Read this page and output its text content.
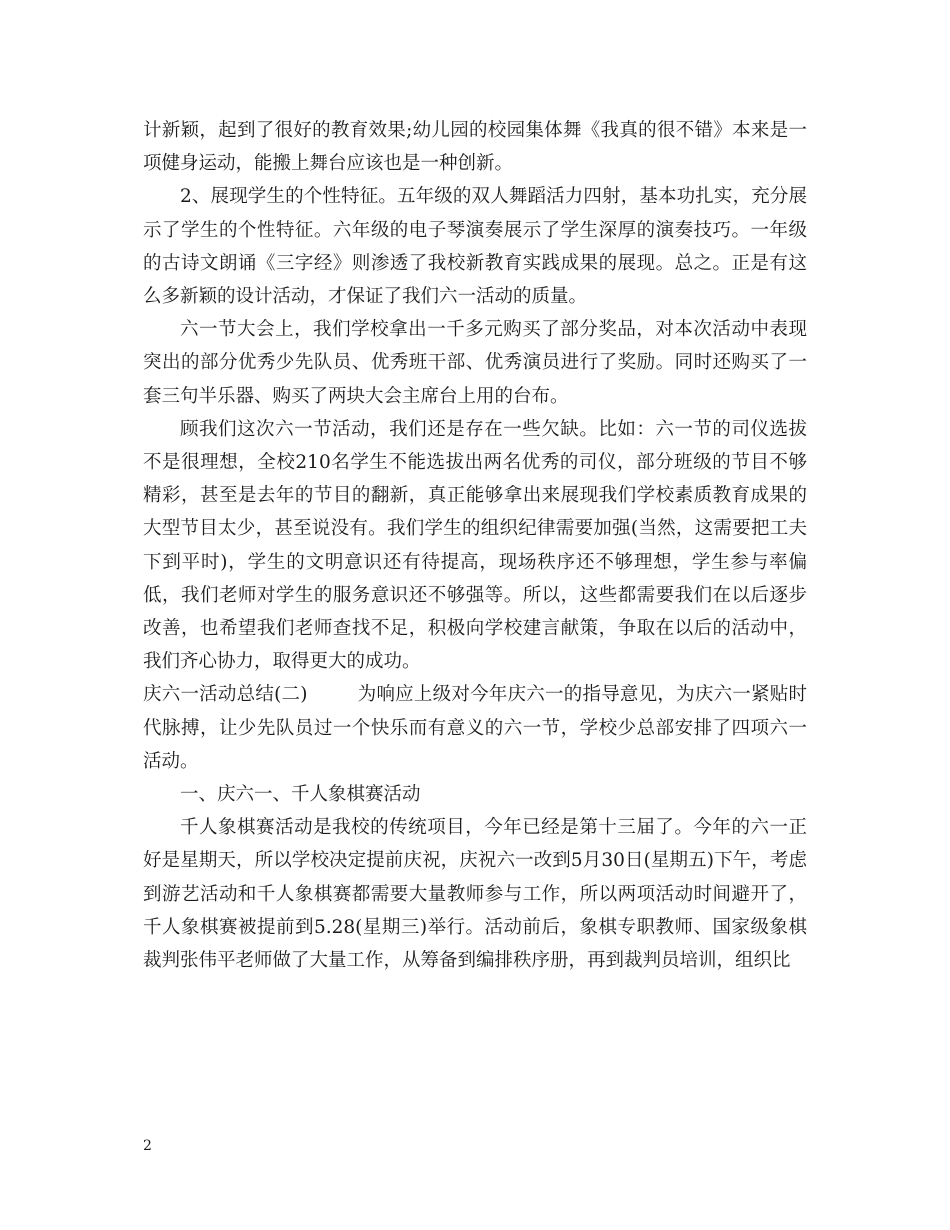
计新颖，起到了很好的教育效果;幼儿园的校园集体舞《我真的很不错》本来是一项健身运动，能搬上舞台应该也是一种创新。

2、展现学生的个性特征。五年级的双人舞蹈活力四射，基本功扎实，充分展示了学生的个性特征。六年级的电子琴演奏展示了学生深厚的演奏技巧。一年级的古诗文朗诵《三字经》则渗透了我校新教育实践成果的展现。总之。正是有这么多新颖的设计活动，才保证了我们六一活动的质量。

六一节大会上，我们学校拿出一千多元购买了部分奖品，对本次活动中表现突出的部分优秀少先队员、优秀班干部、优秀演员进行了奖励。同时还购买了一套三句半乐器、购买了两块大会主席台上用的台布。

顾我们这次六一节活动，我们还是存在一些欠缺。比如：六一节的司仪选拔不是很理想，全校210名学生不能选拔出两名优秀的司仪，部分班级的节目不够精彩，甚至是去年的节目的翻新，真正能够拿出来展现我们学校素质教育成果的大型节目太少，甚至说没有。我们学生的组织纪律需要加强(当然，这需要把工夫下到平时)，学生的文明意识还有待提高，现场秩序还不够理想，学生参与率偏低，我们老师对学生的服务意识还不够强等。所以，这些都需要我们在以后逐步改善，也希望我们老师查找不足，积极向学校建言献策，争取在以后的活动中，我们齐心协力，取得更大的成功。

庆六一活动总结(二)	为响应上级对今年庆六一的指导意见，为庆六一紧贴时代脉搏，让少先队员过一个快乐而有意义的六一节，学校少总部安排了四项六一活动。

一、庆六一、千人象棋赛活动

千人象棋赛活动是我校的传统项目，今年已经是第十三届了。今年的六一正好是星期天，所以学校决定提前庆祝，庆祝六一改到5月30日(星期五)下午，考虑到游艺活动和千人象棋赛都需要大量教师参与工作，所以两项活动时间避开了，千人象棋赛被提前到5.28(星期三)举行。活动前后，象棋专职教师、国家级象棋裁判张伟平老师做了大量工作，从筹备到编排秩序册，再到裁判员培训，组织比

2
